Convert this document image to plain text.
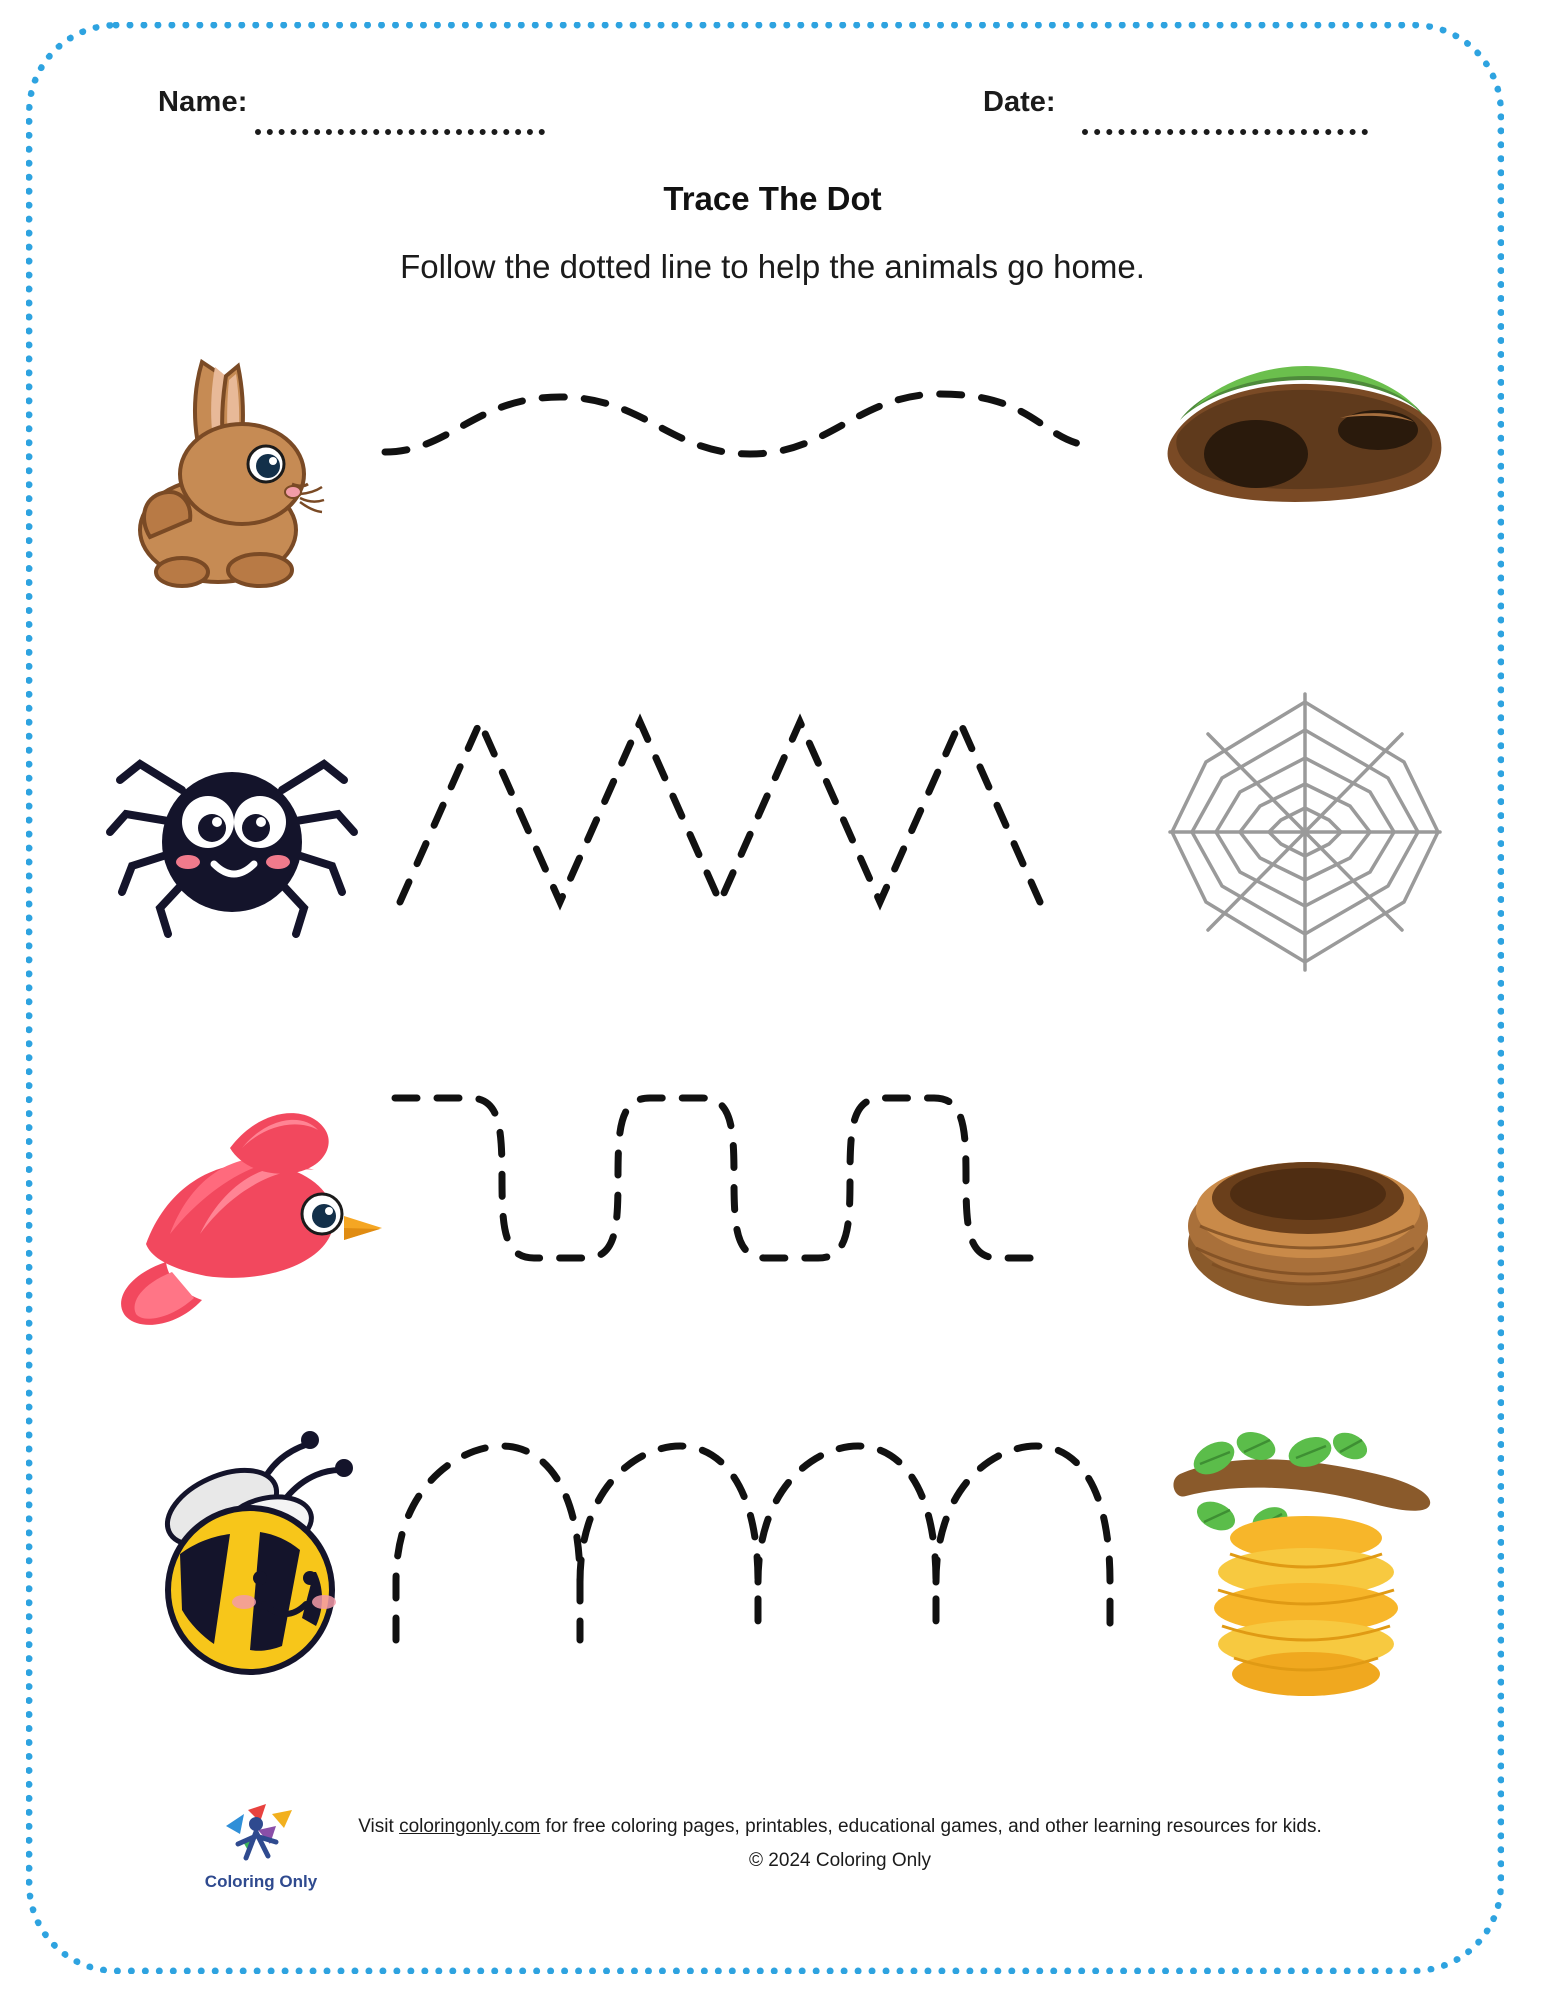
Name:	Date:
Trace The Dot
Follow the dotted line to help the animals go home.
Coloring Only
Visit coloringonly.com for free coloring pages, printables, educational games, and other learning resources for kids.
© 2024 Coloring Only
